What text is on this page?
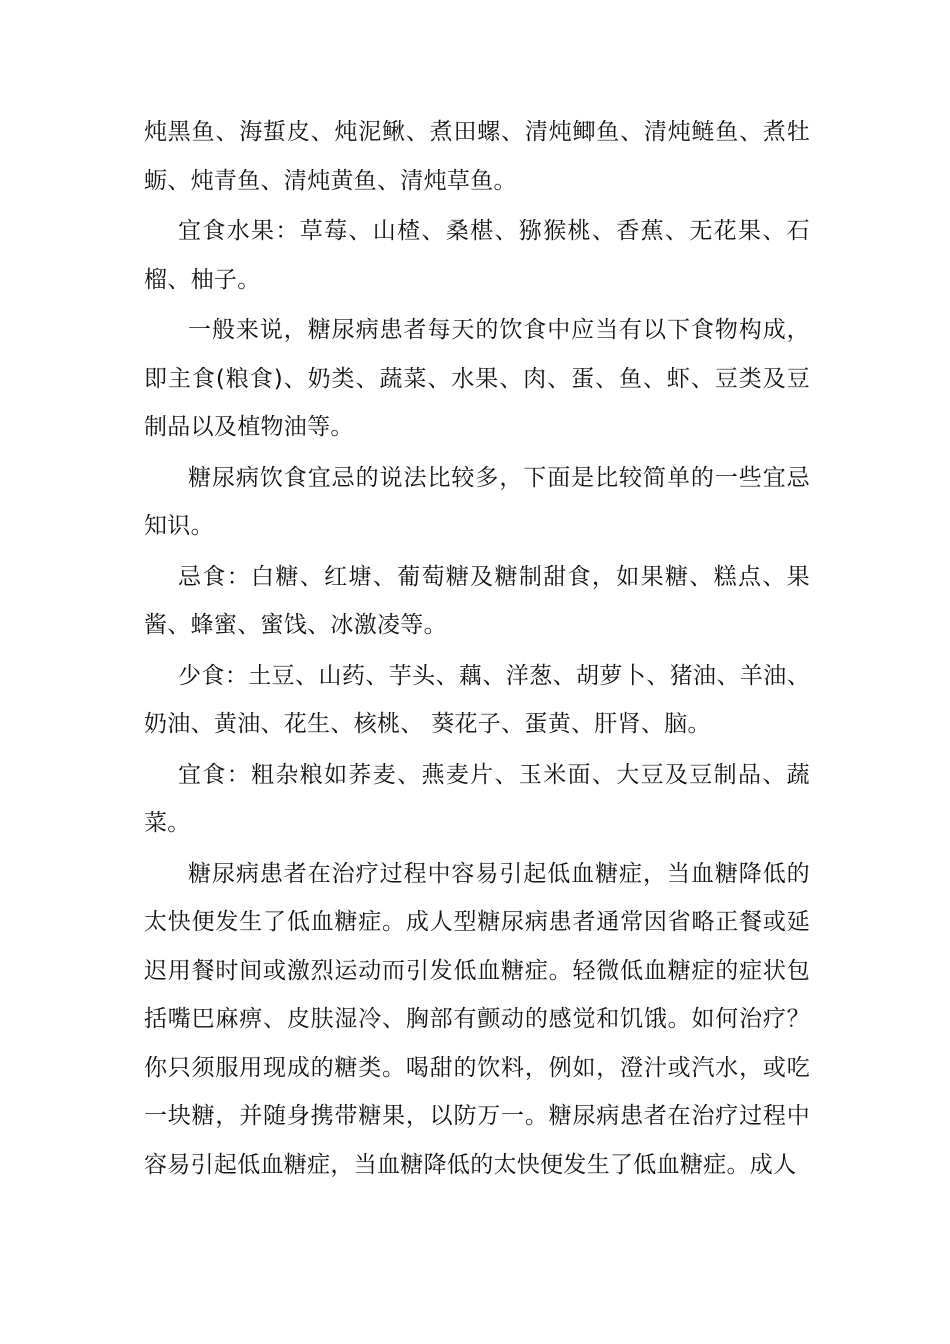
炖黑鱼、海蜇皮、炖泥鳅、煮田螺、清炖鲫鱼、清炖鲢鱼、煮牡蛎、炖青鱼、清炖黄鱼、清炖草鱼。

宜食水果：草莓、山楂、桑椹、猕猴桃、香蕉、无花果、石榴、柚子。

一般来说，糖尿病患者每天的饮食中应当有以下食物构成，即主食(粮食)、奶类、蔬菜、水果、肉、蛋、鱼、虾、豆类及豆制品以及植物油等。

糖尿病饮食宜忌的说法比较多，下面是比较简单的一些宜忌知识。

忌食：白糖、红塘、葡萄糖及糖制甜食，如果糖、糕点、果酱、蜂蜜、蜜饯、冰激凌等。

少食：土豆、山药、芋头、藕、洋葱、胡萝卜、猪油、羊油、奶油、黄油、花生、核桃、 葵花子、蛋黄、肝肾、脑。

宜食：粗杂粮如荞麦、燕麦片、玉米面、大豆及豆制品、蔬菜。

糖尿病患者在治疗过程中容易引起低血糖症，当血糖降低的太快便发生了低血糖症。成人型糖尿病患者通常因省略正餐或延迟用餐时间或激烈运动而引发低血糖症。轻微低血糖症的症状包括嘴巴麻痹、皮肤湿冷、胸部有颤动的感觉和饥饿。如何治疗？你只须服用现成的糖类。喝甜的饮料，例如，澄汁或汽水，或吃一块糖，并随身携带糖果，以防万一。糖尿病患者在治疗过程中容易引起低血糖症，当血糖降低的太快便发生了低血糖症。成人
